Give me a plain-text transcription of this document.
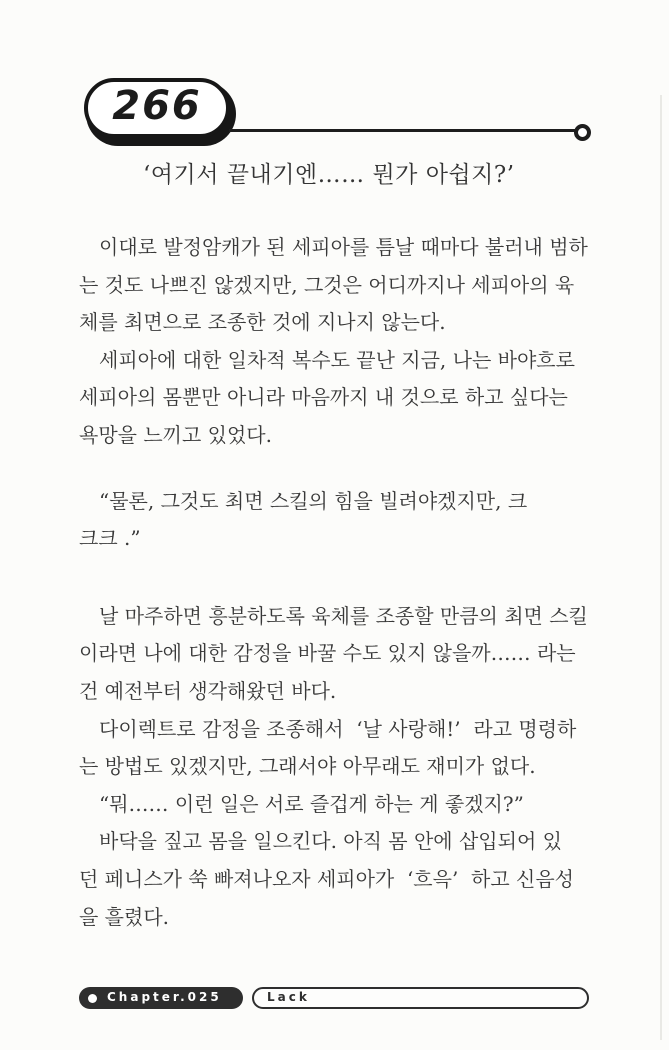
266
‘여기서 끝내기엔…… 뭔가 아쉽지?’
이대로 발정암캐가 된 세피아를 틈날 때마다 불러내 범하
는 것도 나쁘진 않겠지만, 그것은 어디까지나 세피아의 육
체를 최면으로 조종한 것에 지나지 않는다.
세피아에 대한 일차적 복수도 끝난 지금, 나는 바야흐로
세피아의 몸뿐만 아니라 마음까지 내 것으로 하고 싶다는
욕망을 느끼고 있었다.
“물론, 그것도 최면 스킬의 힘을 빌려야겠지만, 크
크크 .”
날 마주하면 흥분하도록 육체를 조종할 만큼의 최면 스킬
이라면 나에 대한 감정을 바꿀 수도 있지 않을까…… 라는
건 예전부터 생각해왔던 바다.
다이렉트로 감정을 조종해서  ‘날 사랑해!’  라고 명령하
는 방법도 있겠지만, 그래서야 아무래도 재미가 없다.
“뭐…… 이런 일은 서로 즐겁게 하는 게 좋겠지?”
바닥을 짚고 몸을 일으킨다. 아직 몸 안에 삽입되어 있
던 페니스가 쑥 빠져나오자 세피아가  ‘흐윽’  하고 신음성
을 흘렸다.
Chapter.025	Lack
